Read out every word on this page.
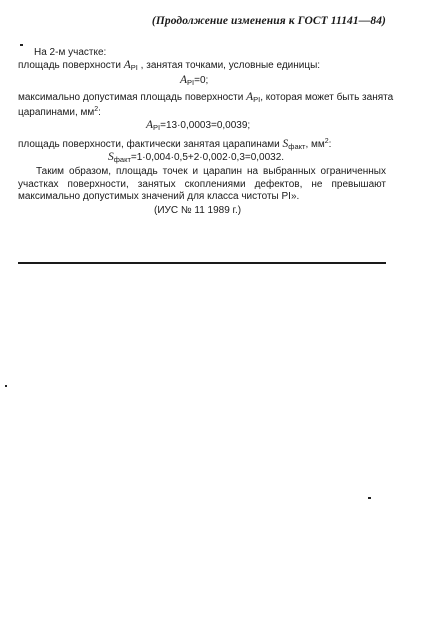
(Продолжение изменения к ГОСТ 11141—84)
На 2-м участке:
площадь поверхности $A_{PI}$ , занятая точками, условные единицы:
$A_{PI}=0$;
максимально допустимая площадь поверхности $A_{PI}$, которая может быть занята
царапинами, $мм^2$:
$A_{PI}=13\cdot 0,0003=0,0039$;
площадь поверхности, фактически занятая царапинами $S_{факт}$, $мм^2$:
$S_{факт}=1\cdot 0,004\cdot 0,5+2\cdot 0,002\cdot 0,3=0,0032$.
Таким образом, площадь точек и царапин на выбранных ограниченных участках поверхности, занятых скоплениями дефектов, не превышают максимально допустимых значений для класса чистоты PI».
(ИУС № 11 1989 г.)
